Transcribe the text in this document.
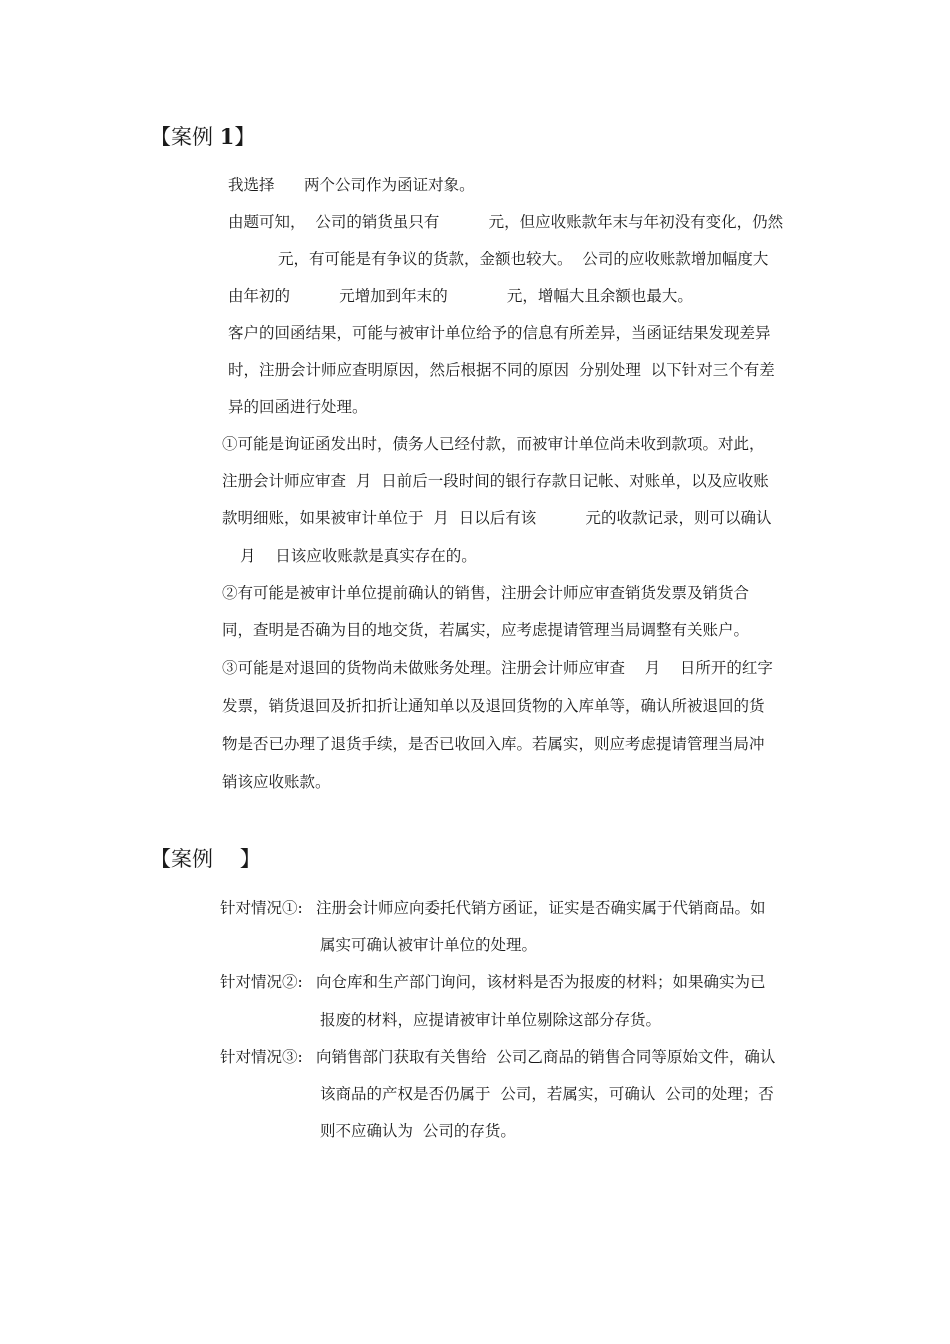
【案例 1】
我选择      两个公司作为函证对象。
由题可知，  公司的销货虽只有          元，但应收账款年末与年初没有变化，仍然
元，有可能是有争议的货款，金额也较大。  公司的应收账款增加幅度大
由年初的          元增加到年末的            元，增幅大且余额也最大。
客户的回函结果，可能与被审计单位给予的信息有所差异，当函证结果发现差异
时，注册会计师应查明原因，然后根据不同的原因  分别处理  以下针对三个有差
异的回函进行处理。
①可能是询证函发出时，债务人已经付款，而被审计单位尚未收到款项。对此，
注册会计师应审查  月  日前后一段时间的银行存款日记帐、对账单，以及应收账
款明细账，如果被审计单位于  月  日以后有该          元的收款记录，则可以确认
月    日该应收账款是真实存在的。
②有可能是被审计单位提前确认的销售，注册会计师应审查销货发票及销货合
同，查明是否确为目的地交货，若属实，应考虑提请管理当局调整有关账户。
③可能是对退回的货物尚未做账务处理。注册会计师应审查    月    日所开的红字
发票，销货退回及折扣折让通知单以及退回货物的入库单等，确认所被退回的货
物是否已办理了退货手续，是否已收回入库。若属实，则应考虑提请管理当局冲
销该应收账款。
【案例    】
针对情况①: 注册会计师应向委托代销方函证，证实是否确实属于代销商品。如
属实可确认被审计单位的处理。
针对情况②: 向仓库和生产部门询问，该材料是否为报废的材料；如果确实为已
报废的材料，应提请被审计单位剔除这部分存货。
针对情况③: 向销售部门获取有关售给  公司乙商品的销售合同等原始文件，确认
该商品的产权是否仍属于  公司，若属实，可确认  公司的处理；否
则不应确认为  公司的存货。
